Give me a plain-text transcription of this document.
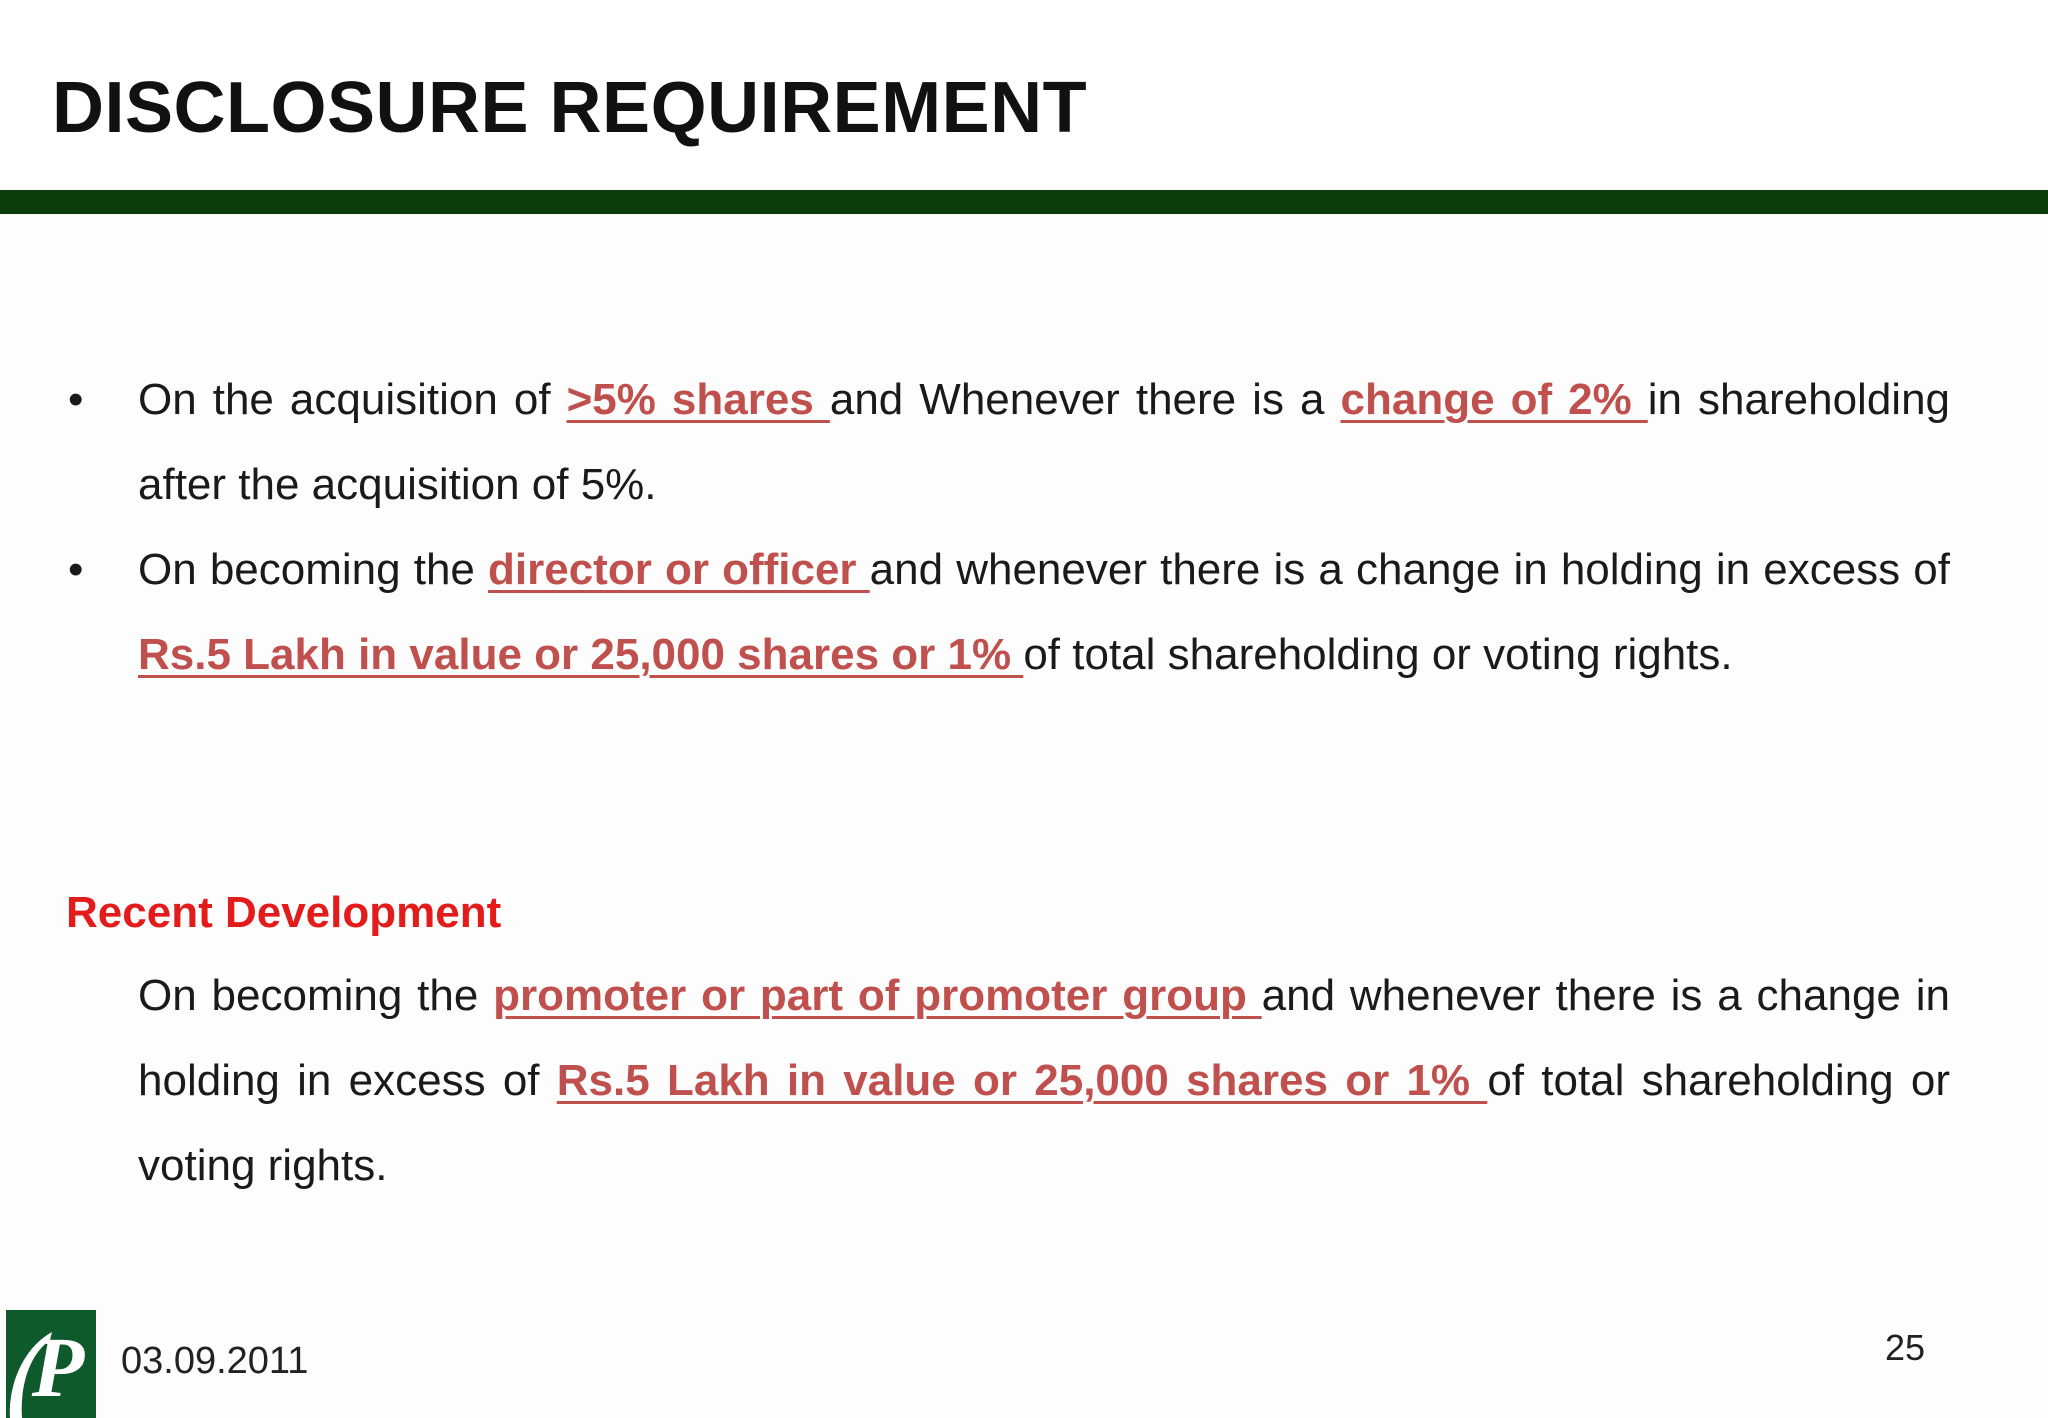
DISCLOSURE REQUIREMENT
• On the acquisition of >5% shares and Whenever there is a change of 2% in shareholding after the acquisition of 5%.

• On becoming the director or officer and whenever there is a change in holding in excess of Rs.5 Lakh in value or 25,000 shares or 1% of total shareholding or voting rights.

Recent Development

On becoming the promoter or part of promoter group and whenever there is a change in holding in excess of Rs.5 Lakh in value or 25,000 shares or 1% of total shareholding or voting rights.

P 03.09.2011	25
